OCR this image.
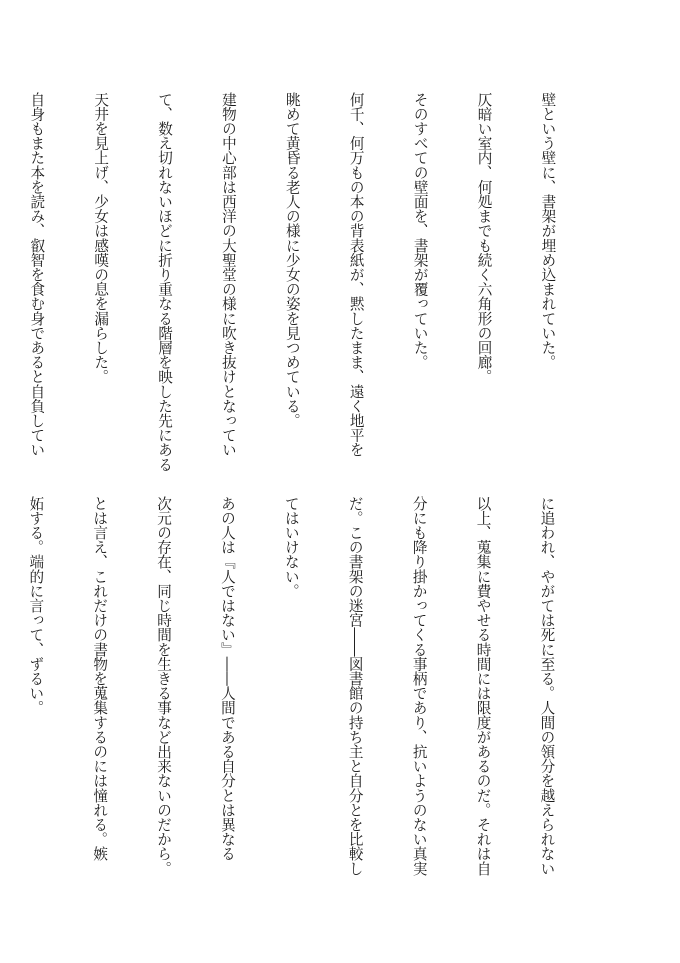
壁という壁に、書架が埋め込まれていた。

仄暗い室内、何処までも続く六角形の回廊。

そのすべての壁面を、書架が覆っていた。

何千、何万もの本の背表紙が、黙したまま、遠く地平を

眺めて黄昏る老人の様に少女の姿を見つめている。

建物の中心部は西洋の大聖堂の様に吹き抜けとなってい

て、数え切れないほどに折り重なる階層を映した先にある

天井を見上げ、少女は感嘆の息を漏らした。

自身もまた本を読み、叡智を食む身であると自負してい

に追われ、やがては死に至る。人間の領分を越えられない

以上、蒐集に費やせる時間には限度があるのだ。それは自

分にも降り掛かってくる事柄であり、抗いようのない真実

だ。この書架の迷宮――図書館の持ち主と自分とを比較し

てはいけない。

あの人は『人ではない』――人間である自分とは異なる

次元の存在、同じ時間を生きる事など出来ないのだから。

とは言え、これだけの書物を蒐集するのには憧れる。嫉

妬する。端的に言って、ずるい。
